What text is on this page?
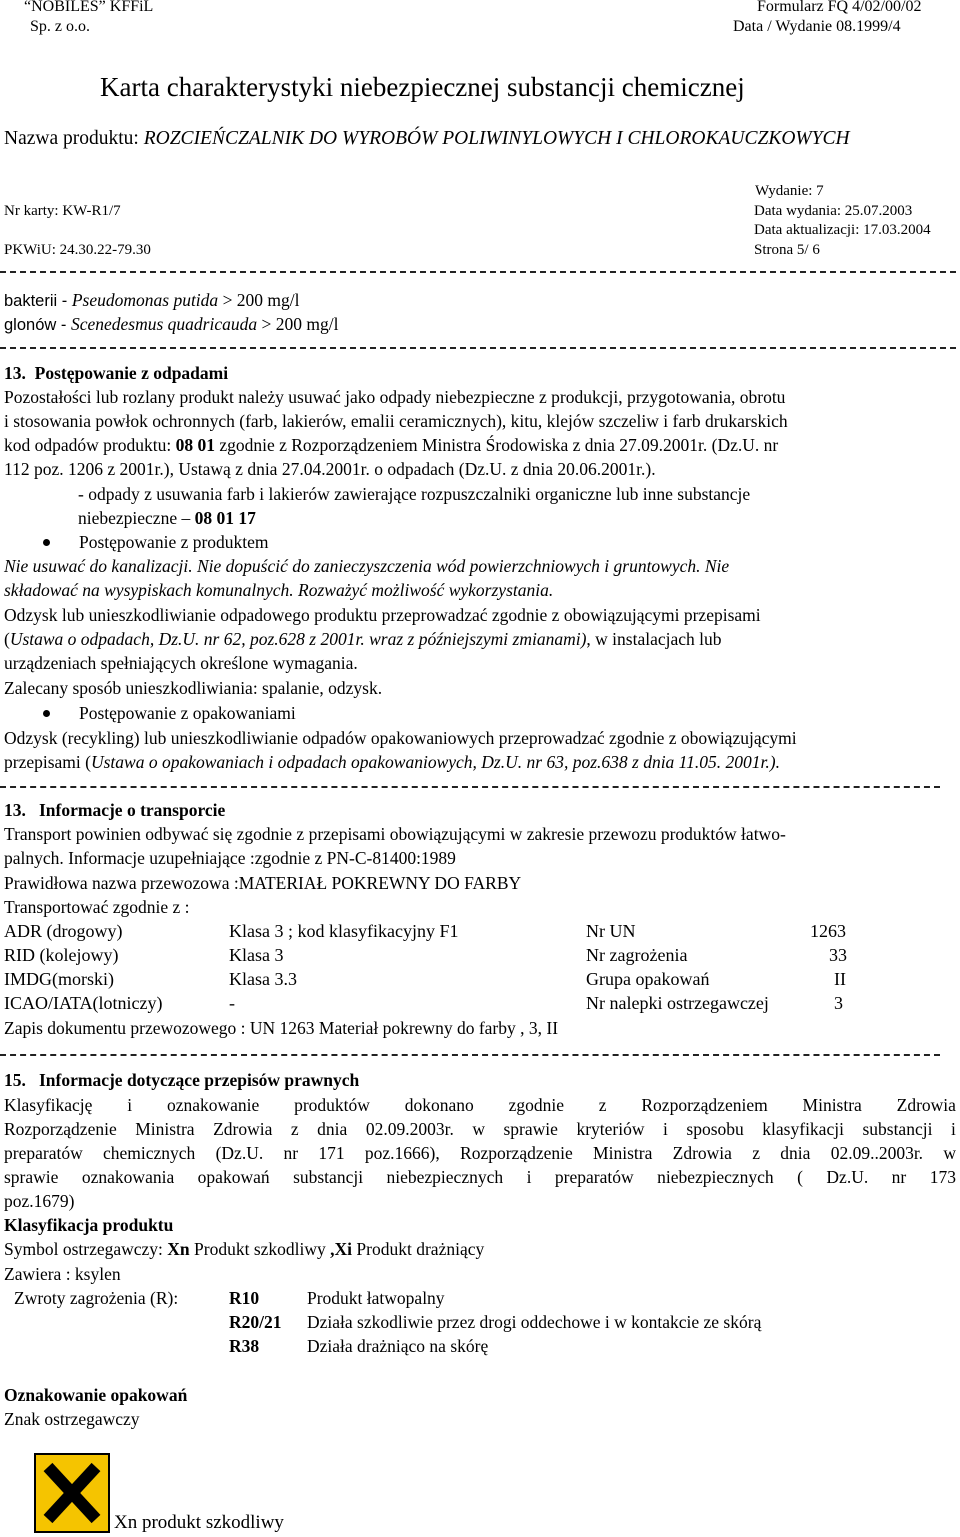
“NOBILES” KFFiL
Sp. z o.o.
Formularz FQ 4/02/00/02
Data / Wydanie 08.1999/4
Karta charakterystyki niebezpiecznej substancji chemicznej
Nazwa produktu: ROZCIEŃCZALNIK DO WYROBÓW POLIWINYLOWYCH I CHLOROKAUCZKOWYCH
Wydanie: 7
Nr karty: KW-R1/7	Data wydania: 25.07.2003
Data aktualizacji: 17.03.2004
PKWiU: 24.30.22-79.30	Strona 5/ 6
bakterii - Pseudomonas putida > 200 mg/l
glonów - Scenedesmus quadricauda > 200 mg/l
13. Postępowanie z odpadami
Pozostałości lub rozlany produkt należy usuwać jako odpady niebezpieczne z produkcji, przygotowania, obrotu
i stosowania powłok ochronnych (farb, lakierów, emalii ceramicznych), kitu, klejów szczeliw i farb drukarskich
kod odpadów produktu: 08 01 zgodnie z Rozporządzeniem Ministra Środowiska z dnia 27.09.2001r. (Dz.U. nr
112 poz. 1206 z 2001r.), Ustawą z dnia 27.04.2001r. o odpadach (Dz.U. z dnia 20.06.2001r.).
- odpady z usuwania farb i lakierów zawierające rozpuszczalniki organiczne lub inne substancje
niebezpieczne – 08 01 17
Postępowanie z produktem
Nie usuwać do kanalizacji. Nie dopuścić do zanieczyszczenia wód powierzchniowych i gruntowych. Nie
składować na wysypiskach komunalnych. Rozważyć możliwość wykorzystania.
Odzysk lub unieszkodliwianie odpadowego produktu przeprowadzać zgodnie z obowiązującymi przepisami
(Ustawa o odpadach, Dz.U. nr 62, poz.628 z 2001r. wraz z późniejszymi zmianami), w instalacjach lub
urządzeniach spełniających określone wymagania.
Zalecany sposób unieszkodliwiania: spalanie, odzysk.
Postępowanie z opakowaniami
Odzysk (recykling) lub unieszkodliwianie odpadów opakowaniowych przeprowadzać zgodnie z obowiązującymi
przepisami (Ustawa o opakowaniach i odpadach opakowaniowych, Dz.U. nr 63, poz.638 z dnia 11.05. 2001r.).
13. Informacje o transporcie
Transport powinien odbywać się zgodnie z przepisami obowiązującymi w zakresie przewozu produktów łatwo-
palnych. Informacje uzupełniające :zgodnie z PN-C-81400:1989
Prawidłowa nazwa przewozowa :MATERIAŁ POKREWNY DO FARBY
Transportować zgodnie z :
ADR (drogowy)	Klasa 3 ; kod klasyfikacyjny F1	Nr UN	1263
RID (kolejowy)	Klasa 3	Nr zagrożenia	33
IMDG(morski)	Klasa 3.3	Grupa opakowań	II
ICAO/IATA(lotniczy)	-	Nr nalepki ostrzegawczej	3
Zapis dokumentu przewozowego : UN 1263 Materiał pokrewny do farby , 3, II
15. Informacje dotyczące przepisów prawnych
Klasyfikację i oznakowanie produktów dokonano zgodnie z Rozporządzeniem Ministra Zdrowia
Rozporządzenie Ministra Zdrowia z dnia 02.09.2003r. w sprawie kryteriów i sposobu klasyfikacji substancji i
preparatów chemicznych (Dz.U. nr 171 poz.1666), Rozporządzenie Ministra Zdrowia z dnia 02.09..2003r. w
sprawie oznakowania opakowań substancji niebezpiecznych i preparatów niebezpiecznych ( Dz.U. nr 173
poz.1679)
Klasyfikacja produktu
Symbol ostrzegawczy: Xn Produkt szkodliwy ,Xi Produkt drażniący
Zawiera : ksylen
Zwroty zagrożenia (R):	R10	Produkt łatwopalny
R20/21 Działa szkodliwie przez drogi oddechowe i w kontakcie ze skórą
R38	Działa drażniąco na skórę
Oznakowanie opakowań
Znak ostrzegawczy
Xn produkt szkodliwy
